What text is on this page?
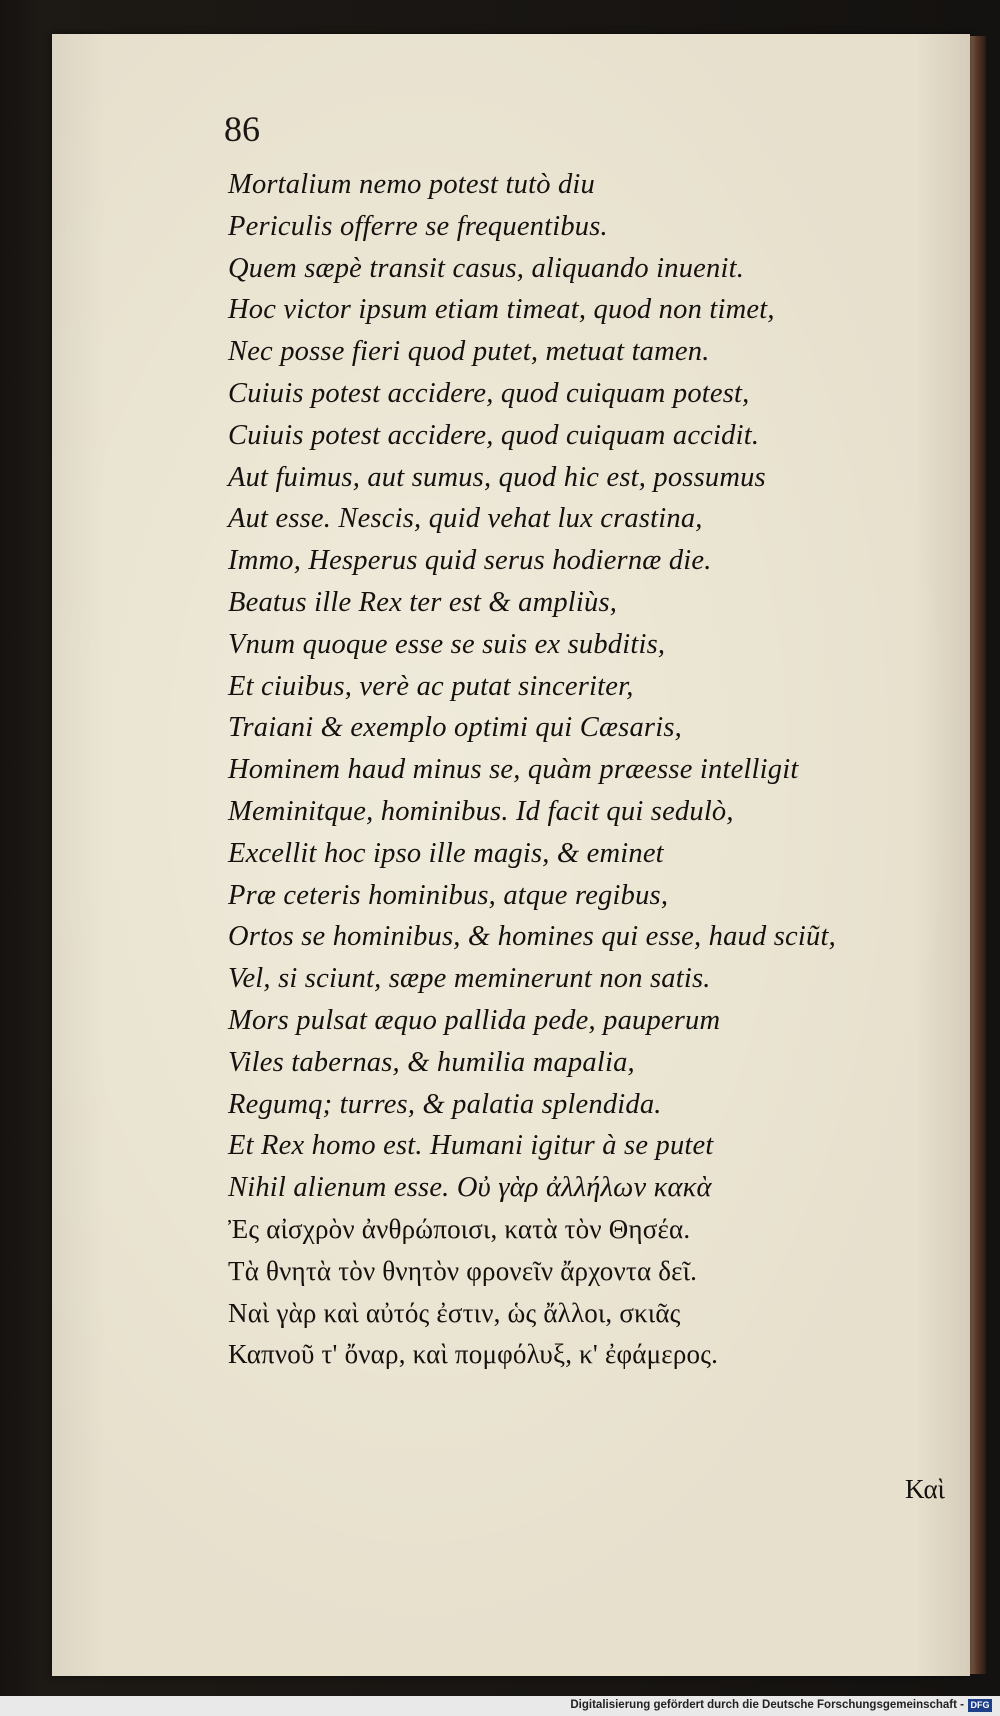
86
Mortalium nemo potest tutò diu
Periculis offerre se frequentibus.
Quem sæpè transit casus, aliquando inuenit.
Hoc victor ipsum etiam timeat, quod non timet,
Nec posse fieri quod putet, metuat tamen.
Cuiuis potest accidere, quod cuiquam potest,
Cuiuis potest accidere, quod cuiquam accidit.
Aut fuimus, aut sumus, quod hic est, possumus
Aut esse. Nescis, quid vehat lux crastina,
Immo, Hesperus quid serus hodiernæ die.
Beatus ille Rex ter est & ampliùs,
Vnum quoque esse se suis ex subditis,
Et ciuibus, verè ac putat sinceriter,
Traiani & exemplo optimi qui Cæsaris,
Hominem haud minus se, quàm præesse intelligit
Meminitque, hominibus. Id facit qui sedulò,
Excellit hoc ipso ille magis, & eminet
Præ ceteris hominibus, atque regibus,
Ortos se hominibus, & homines qui esse, haud sciũt,
Vel, si sciunt, sæpe meminerunt non satis.
Mors pulsat æquo pallida pede, pauperum
Viles tabernas, & humilia mapalia,
Regumq; turres, & palatia splendida.
Et Rex homo est. Humani igitur à se putet
Nihil alienum esse. Οὐ γὰρ ἀλλήλων κακὰ
Ἐς αἰσχρὸν ἀνθρώποισι, κατὰ τὸν Θησέα.
Τὰ θνητὰ τὸν θνητὸν φρονεῖν ἄρχοντα δεῖ.
Ναὶ γὰρ καὶ αὐτός ἐστιν, ὡς ἄλλοι, σκιᾶς
Καπνοῦ τ' ὄναρ, καὶ πομφόλυξ, κ' ἐφάμερος.
Καὶ
Digitalisierung gefördert durch die Deutsche Forschungsgemeinschaft - DFG
